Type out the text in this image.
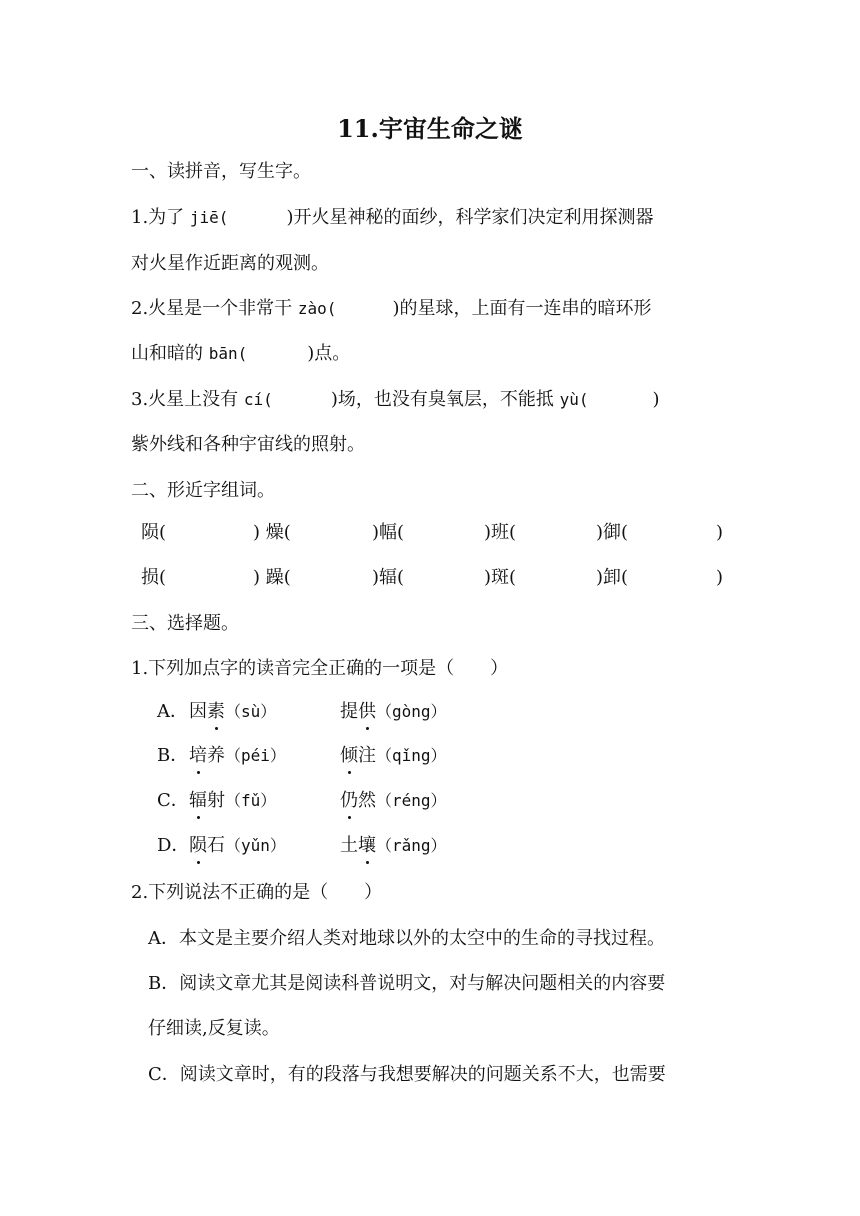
11.宇宙生命之谜
一、读拼音，写生字。
1.为了 jiē(	)开火星神秘的面纱，科学家们决定利用探测器
对火星作近距离的观测。
2.火星是一个非常干 zào(	)的星球，上面有一连串的暗环形
山和暗的 bān(	)点。
3.火星上没有 cí(	)场，也没有臭氧层，不能抵 yù(	)
紫外线和各种宇宙线的照射。
二、形近字组词。
陨(	) 燥(	)幅(	)班(	)御(	)
损(	) 躁(	)辐(	)斑(	)卸(	)
三、选择题。
1.下列加点字的读音完全正确的一项是（　　）
A． 因素（sù）	提供（gòng）
B． 培养（péi）	倾注（qǐng）
C． 辐射（fǔ）	仍然（réng）
D． 陨石（yǔn）	土壤（rǎng）
2.下列说法不正确的是（　　）
A．本文是主要介绍人类对地球以外的太空中的生命的寻找过程。
B．阅读文章尤其是阅读科普说明文，对与解决问题相关的内容要
仔细读,反复读。
C．阅读文章时，有的段落与我想要解决的问题关系不大，也需要
